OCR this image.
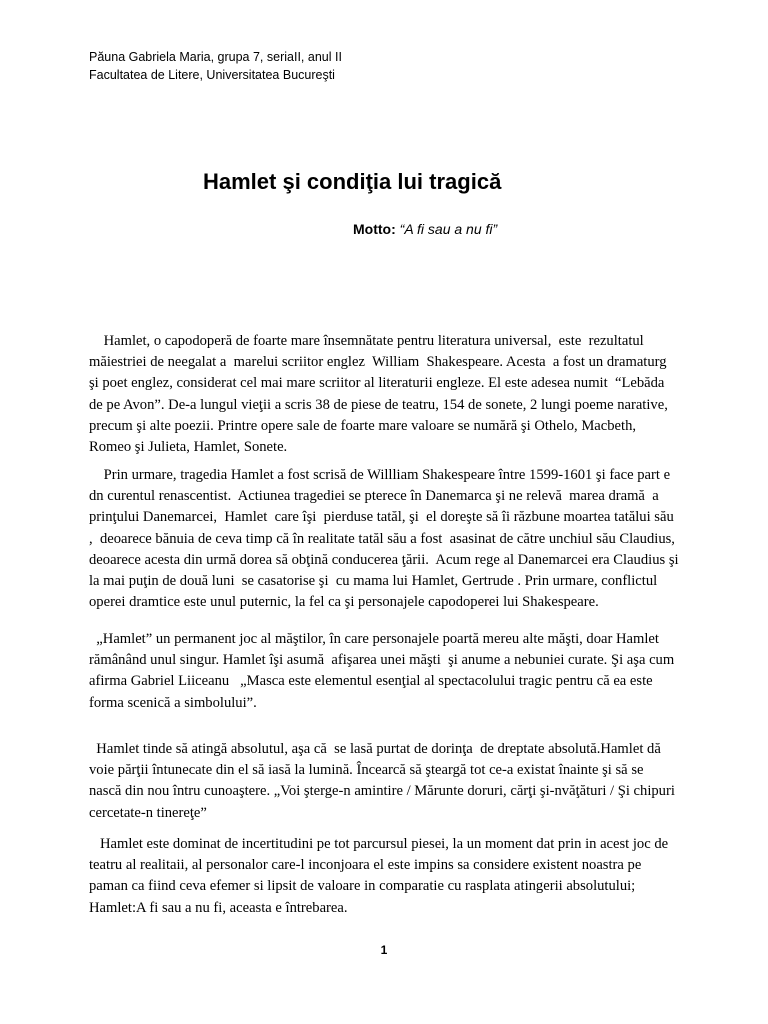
Păuna Gabriela Maria, grupa 7, seriaII, anul II
Facultatea de Litere, Universitatea Bucureşti
Hamlet şi condiţia lui tragică
Motto: “A fi sau a nu fi”

Hamlet, o capodoperă de foarte mare însemnătate pentru literatura universal,  este  rezultatul măiestriei de neegalat a  marelui scriitor englez  William  Shakespeare. Acesta  a fost un dramaturg şi poet englez, considerat cel mai mare scriitor al literaturii engleze. El este adesea numit  “Lebăda de pe Avon”. De-a lungul vieţii a scris 38 de piese de teatru, 154 de sonete, 2 lungi poeme narative, precum şi alte poezii. Printre opere sale de foarte mare valoare se numără şi Othelo, Macbeth, Romeo şi Julieta, Hamlet, Sonete.

Prin urmare, tragedia Hamlet a fost scrisă de Willliam Shakespeare între 1599-1601 şi face part e dn curentul renascentist.  Actiunea tragediei se pterece în Danemarca şi ne relevă  marea dramă  a prinţului Danemarcei,  Hamlet  care îşi  pierduse tatăl, şi  el doreşte să îi răzbune moartea tatălui său ,  deoarece bănuia de ceva timp că în realitate tatăl său a fost  asasinat de către unchiul său Claudius, deoarece acesta din urmă dorea să obţină conducerea ţării.  Acum rege al Danemarcei era Claudius şi la mai puţin de două luni  se casatorise şi  cu mama lui Hamlet, Gertrude . Prin urmare, conflictul operei dramtice este unul puternic, la fel ca şi personajele capodoperei lui Shakespeare.

„Hamlet” un permanent joc al măştilor, în care personajele poartă mereu alte măşti, doar Hamlet rămânând unul singur. Hamlet îşi asumă  afişarea unei măşti  şi anume a nebuniei curate. Şi aşa cum afirma Gabriel Liiceanu   „Masca este elementul esenţial al spectacolului tragic pentru că ea este forma scenică a simbolului”.

Hamlet tinde să atingă absolutul, aşa că  se lasă purtat de dorinţa  de dreptate absolută.Hamlet dă voie părţii întunecate din el să iasă la lumină. Încearcă să şteargă tot ce-a existat înainte şi să se nască din nou întru cunoaştere. „Voi şterge-n amintire / Mărunte doruri, cărţi şi-nvăţături / Şi chipuri cercetate-n tinereţe”

Hamlet este dominat de incertitudini pe tot parcursul piesei, la un moment dat prin in acest joc de teatru al realitaii, al personalor care-l inconjoara el este impins sa considere existent noastra pe paman ca fiind ceva efemer si lipsit de valoare in comparatie cu rasplata atingerii absolutului; Hamlet:A fi sau a nu fi, aceasta e întrebarea.

1
